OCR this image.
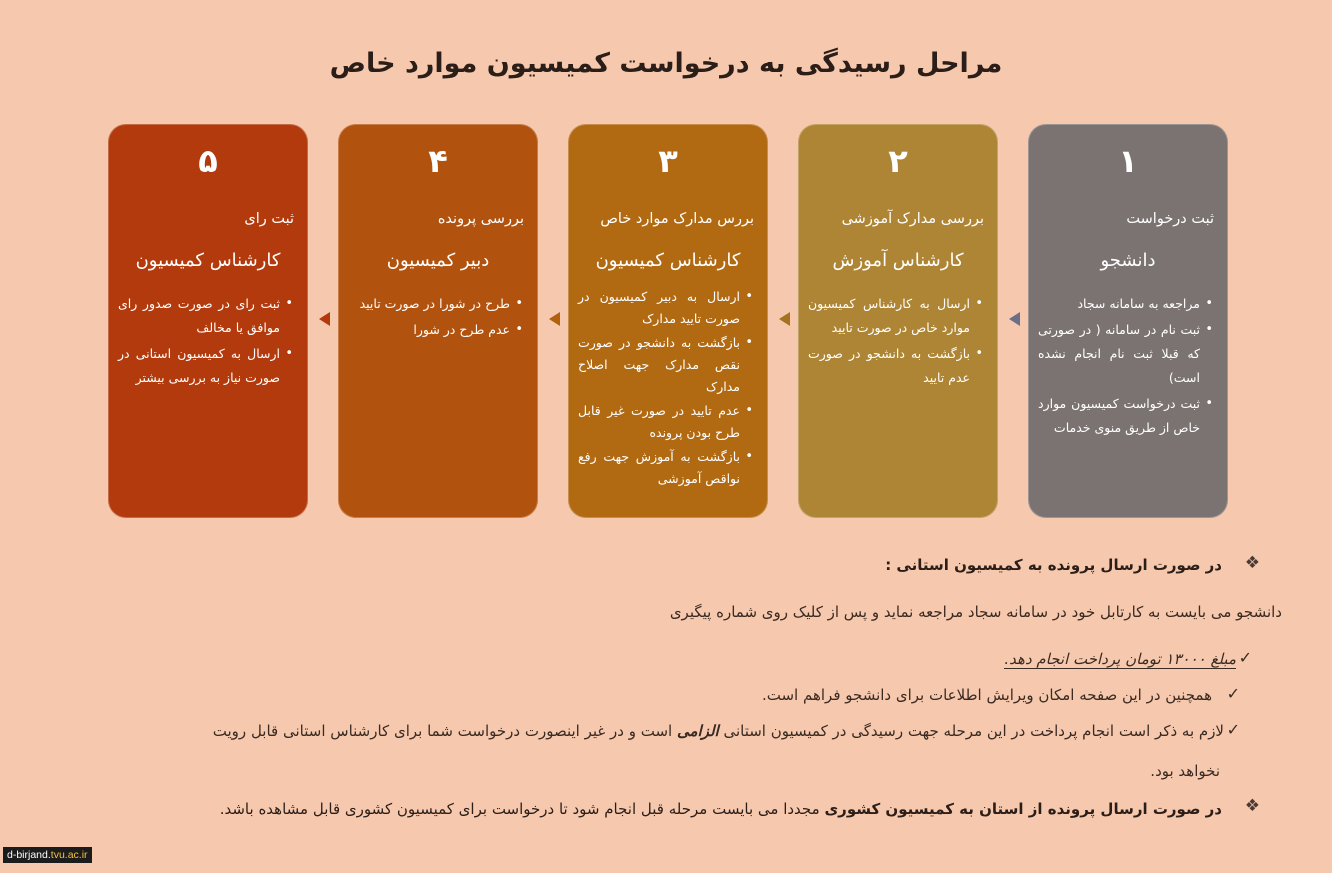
مراحل رسیدگی به درخواست کمیسیون موارد خاص
۱
ثبت درخواست
دانشجو
• مراجعه به سامانه سجاد
• ثبت نام در سامانه ( در صورتی که قبلا ثبت نام انجام نشده است)
• ثبت درخواست کمیسیون موارد خاص از طریق منوی خدمات
۲
بررسی مدارک آموزشی
کارشناس آموزش
• ارسال به کارشناس کمیسیون موارد خاص در صورت تایید
• بازگشت به دانشجو در صورت عدم تایید
۳
بررس مدارک موارد خاص
کارشناس کمیسیون
• ارسال به دبیر کمیسیون در صورت تایید مدارک
• بازگشت به دانشجو در صورت نقص مدارک جهت اصلاح مدارک
• عدم تایید در صورت غیر قابل طرح بودن پرونده
• بازگشت به آموزش جهت رفع نواقص آموزشی
۴
بررسی پرونده
دبیر کمیسیون
• طرح در شورا در صورت تایید
• عدم طرح در شورا
۵
ثبت رای
کارشناس کمیسیون
• ثبت رای در صورت صدور رای موافق یا مخالف
• ارسال به کمیسیون استانی در صورت نیاز به بررسی بیشتر
❖
در صورت ارسال پرونده به کمیسیون استانی :
دانشجو می بایست به کارتابل خود در سامانه سجاد مراجعه نماید و پس از کلیک روی شماره پیگیری
✓
مبلغ ۱۳۰۰۰ تومان پرداخت انجام دهد.
✓
همچنین در این صفحه امکان ویرایش اطلاعات برای دانشجو فراهم است.
✓
لازم به ذکر است انجام پرداخت در این مرحله جهت رسیدگی در کمیسیون استانی الزامی است و در غیر اینصورت درخواست شما برای کارشناس استانی قابل رویت
نخواهد بود.
❖
در صورت ارسال پرونده از استان به کمیسیون کشوری مجددا می بایست مرحله قبل انجام شود تا درخواست برای کمیسیون کشوری قابل مشاهده باشد.
d-birjand.tvu.ac.ir
